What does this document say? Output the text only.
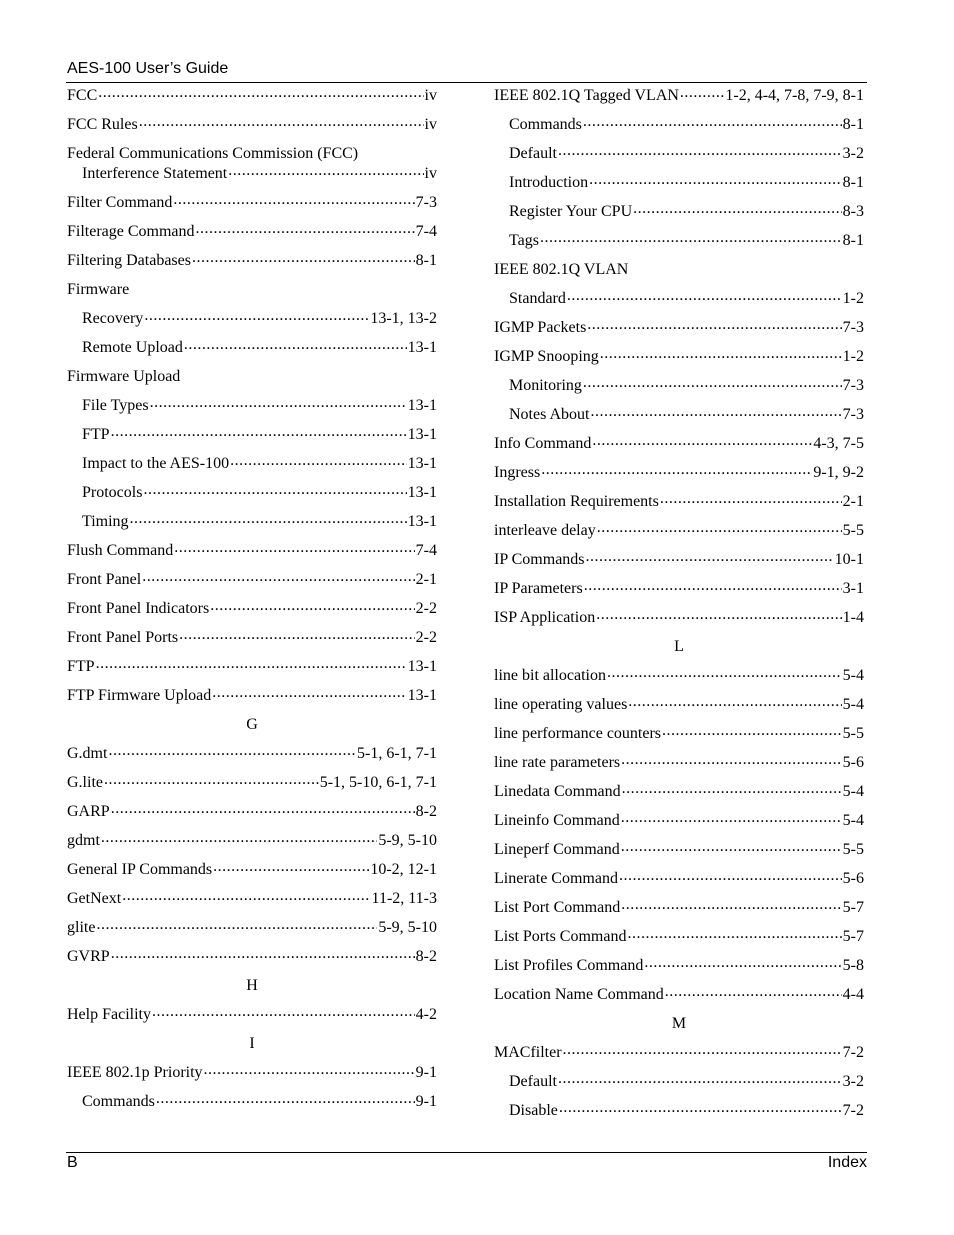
AES-100 User’s Guide
FCC .....	iv
FCC Rules .....	iv
Federal Communications Commission (FCC)
Interference Statement .....	iv
Filter Command .....	7-3
Filterage Command .....	7-4
Filtering Databases .....	8-1
Firmware
Recovery .....	13-1, 13-2
Remote Upload .....	13-1
Firmware Upload
File Types .....	13-1
FTP .....	13-1
Impact to the AES-100 .....	13-1
Protocols .....	13-1
Timing .....	13-1
Flush Command .....	7-4
Front Panel .....	2-1
Front Panel Indicators .....	2-2
Front Panel Ports .....	2-2
FTP .....	13-1
FTP Firmware Upload .....	13-1
G
G.dmt .....	5-1, 6-1, 7-1
G.lite .....	5-1, 5-10, 6-1, 7-1
GARP .....	8-2
gdmt .....	5-9, 5-10
General IP Commands .....	10-2, 12-1
GetNext .....	11-2, 11-3
glite .....	5-9, 5-10
GVRP .....	8-2
H
Help Facility .....	4-2
I
IEEE 802.1p Priority .....	9-1
Commands .....	9-1
IEEE 802.1Q Tagged VLAN .....	1-2, 4-4, 7-8, 7-9, 8-1
Commands .....	8-1
Default .....	3-2
Introduction .....	8-1
Register Your CPU .....	8-3
Tags .....	8-1
IEEE 802.1Q VLAN
Standard .....	1-2
IGMP Packets .....	7-3
IGMP Snooping .....	1-2
Monitoring .....	7-3
Notes About .....	7-3
Info Command .....	4-3, 7-5
Ingress .....	9-1, 9-2
Installation Requirements .....	2-1
interleave delay .....	5-5
IP Commands .....	10-1
IP Parameters .....	3-1
ISP Application .....	1-4
L
line bit allocation .....	5-4
line operating values .....	5-4
line performance counters .....	5-5
line rate parameters .....	5-6
Linedata Command .....	5-4
Lineinfo Command .....	5-4
Lineperf Command .....	5-5
Linerate Command .....	5-6
List Port Command .....	5-7
List Ports Command .....	5-7
List Profiles Command .....	5-8
Location Name Command .....	4-4
M
MACfilter .....	7-2
Default .....	3-2
Disable .....	7-2
B	Index
